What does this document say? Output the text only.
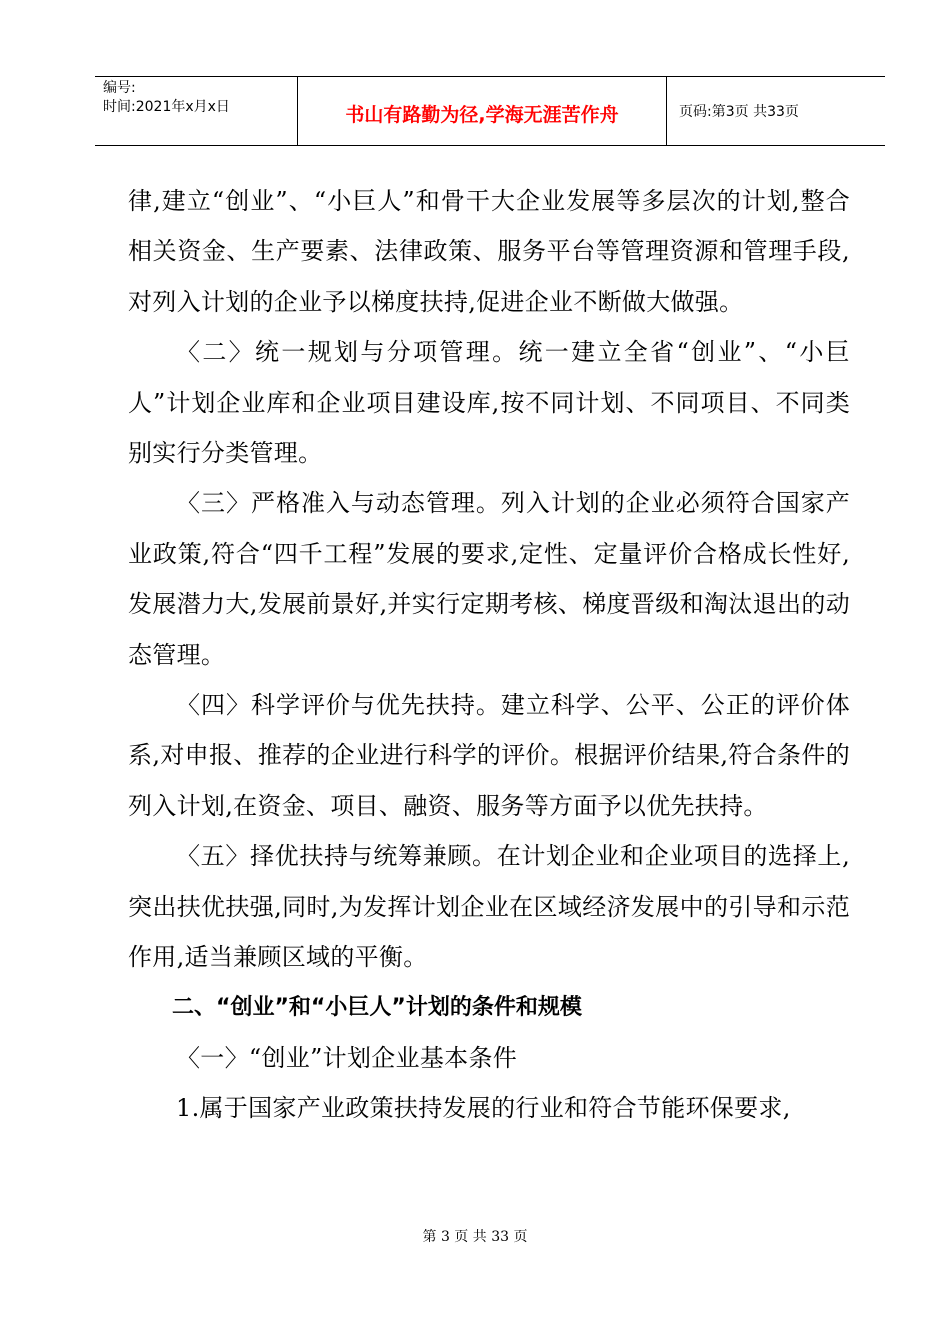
编号:
时间:2021年x月x日	书山有路勤为径,学海无涯苦作舟	页码:第3页 共33页

律,建立“创业”、“小巨人”和骨干大企业发展等多层次的计划,整合相关资金、生产要素、法律政策、服务平台等管理资源和管理手段,对列入计划的企业予以梯度扶持,促进企业不断做大做强。

〈二〉统一规划与分项管理。统一建立全省“创业”、“小巨人”计划企业库和企业项目建设库,按不同计划、不同项目、不同类别实行分类管理。

〈三〉严格准入与动态管理。列入计划的企业必须符合国家产业政策,符合“四千工程”发展的要求,定性、定量评价合格成长性好,发展潜力大,发展前景好,并实行定期考核、梯度晋级和淘汰退出的动态管理。

〈四〉科学评价与优先扶持。建立科学、公平、公正的评价体系,对申报、推荐的企业进行科学的评价。根据评价结果,符合条件的列入计划,在资金、项目、融资、服务等方面予以优先扶持。

〈五〉择优扶持与统筹兼顾。在计划企业和企业项目的选择上,突出扶优扶强,同时,为发挥计划企业在区域经济发展中的引导和示范作用,适当兼顾区域的平衡。

二、“创业”和“小巨人”计划的条件和规模

〈一〉“创业”计划企业基本条件

1.属于国家产业政策扶持发展的行业和符合节能环保要求,

第 3 页 共 33 页
